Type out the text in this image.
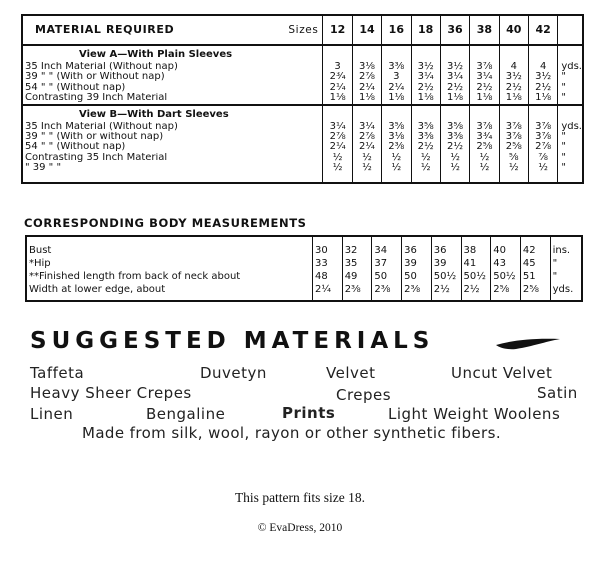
Sizes
MATERIAL REQUIRED	12	14	16	18	36	38	40	42	
View A—With Plain Sleeves									
35 Inch Material (Without nap)	3	3⅛	3⅜	3½	3½	3⅞	4	4	yds.
39 " " (With or Without nap)	2¾	2⅞	3	3¼	3¼	3¼	3½	3½	"
54 " " (Without nap)	2¼	2¼	2¼	2½	2½	2½	2½	2½	"
Contrasting 39 Inch Material	1⅛	1⅛	1⅛	1⅛	1⅛	1⅛	1⅛	1⅛	"
View B—With Dart Sleeves									
35 Inch Material (Without nap)	3¼	3¼	3⅝	3⅝	3⅝	3⅞	3⅞	3⅞	yds.
39 " " (With or without nap)	2⅞	2⅞	3⅛	3⅜	3⅜	3¾	3⅞	3⅞	"
54 " " (Without nap)	2¼	2¼	2⅜	2½	2½	2⅝	2⅝	2⅞	"
Contrasting 35 Inch Material	½	½	½	½	½	½	⅝	⅞	"
" 39 " "	½	½	½	½	½	½	½	½	"

CORRESPONDING BODY MEASUREMENTS
Bust	30	32	34	36	36	38	40	42	ins.
*Hip	33	35	37	39	39	41	43	45	"
**Finished length from back of neck about	48	49	50	50	50½	50½	50½	51	"
Width at lower edge, about	2¼	2⅜	2⅜	2⅜	2½	2½	2⅝	2⅝	yds.
SUGGESTED MATERIALS
Taffeta	Duvetyn	Velvet	Uncut Velvet
Heavy Sheer Crepes	Crepes	Satin
Linen	Bengaline	Prints	Light Weight Woolens
Made from silk, wool, rayon or other synthetic fibers.
This pattern fits size 18.
© EvaDress, 2010
